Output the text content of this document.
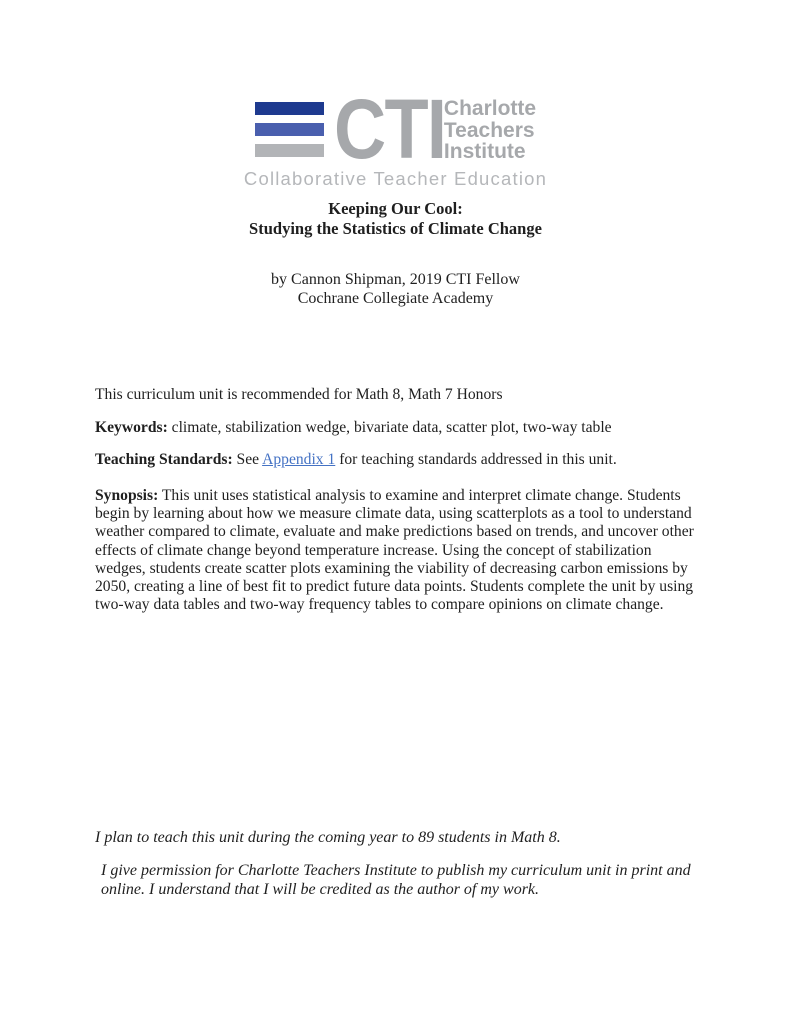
CTI
Charlotte
Teachers
Institute
Collaborative Teacher Education
Keeping Our Cool:
Studying the Statistics of Climate Change
by Cannon Shipman, 2019 CTI Fellow
Cochrane Collegiate Academy

This curriculum unit is recommended for Math 8, Math 7 Honors

Keywords: climate, stabilization wedge, bivariate data, scatter plot, two-way table

Teaching Standards: See Appendix 1 for teaching standards addressed in this unit.

Synopsis: This unit uses statistical analysis to examine and interpret climate change. Students begin by learning about how we measure climate data, using scatterplots as a tool to understand weather compared to climate, evaluate and make predictions based on trends, and uncover other effects of climate change beyond temperature increase. Using the concept of stabilization wedges, students create scatter plots examining the viability of decreasing carbon emissions by 2050, creating a line of best fit to predict future data points. Students complete the unit by using two-way data tables and two-way frequency tables to compare opinions on climate change.

I plan to teach this unit during the coming year to 89 students in Math 8.

I give permission for Charlotte Teachers Institute to publish my curriculum unit in print and online. I understand that I will be credited as the author of my work.
